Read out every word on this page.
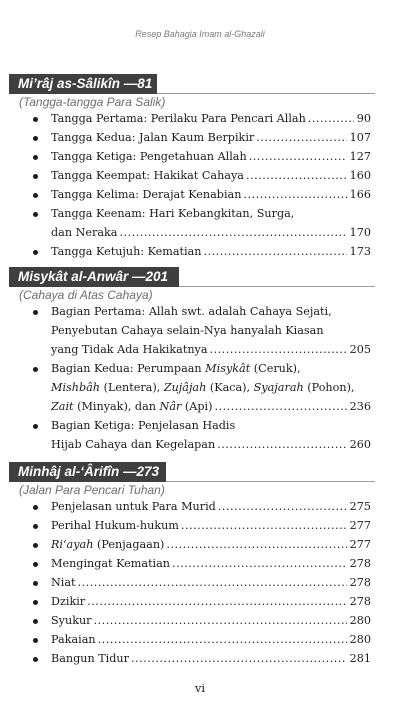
Resep Bahagia Imam al-Ghazali
Mi’râj as-Sâlikîn —81
(Tangga-tangga Para Salik)
Tangga Pertama: Perilaku Para Pencari Allah .....	90
Tangga Kedua: Jalan Kaum Berpikir .....	107
Tangga Ketiga: Pengetahuan Allah .....	127
Tangga Keempat: Hakikat Cahaya .....	160
Tangga Kelima: Derajat Kenabian .....	166
Tangga Keenam: Hari Kebangkitan, Surga,
dan Neraka .....	170
Tangga Ketujuh: Kematian .....	173
Misykât al-Anwâr —201
(Cahaya di Atas Cahaya)
Bagian Pertama: Allah swt. adalah Cahaya Sejati,
Penyebutan Cahaya selain-Nya hanyalah Kiasan
yang Tidak Ada Hakikatnya .....	205
Bagian Kedua: Perumpaan Misykât (Ceruk),
Mishbâh (Lentera), Zujâjah (Kaca), Syajarah (Pohon),
Zait (Minyak), dan Nâr (Api) .....	236
Bagian Ketiga: Penjelasan Hadis
Hijab Cahaya dan Kegelapan .....	260
Minhâj al-‘Ârifîn —273
(Jalan Para Pencari Tuhan)
Penjelasan untuk Para Murid .....	275
Perihal Hukum-hukum .....	277
Ri‘ayah (Penjagaan) .....	277
Mengingat Kematian .....	278
Niat .....	278
Dzikir .....	278
Syukur .....	280
Pakaian .....	280
Bangun Tidur .....	281
vi
